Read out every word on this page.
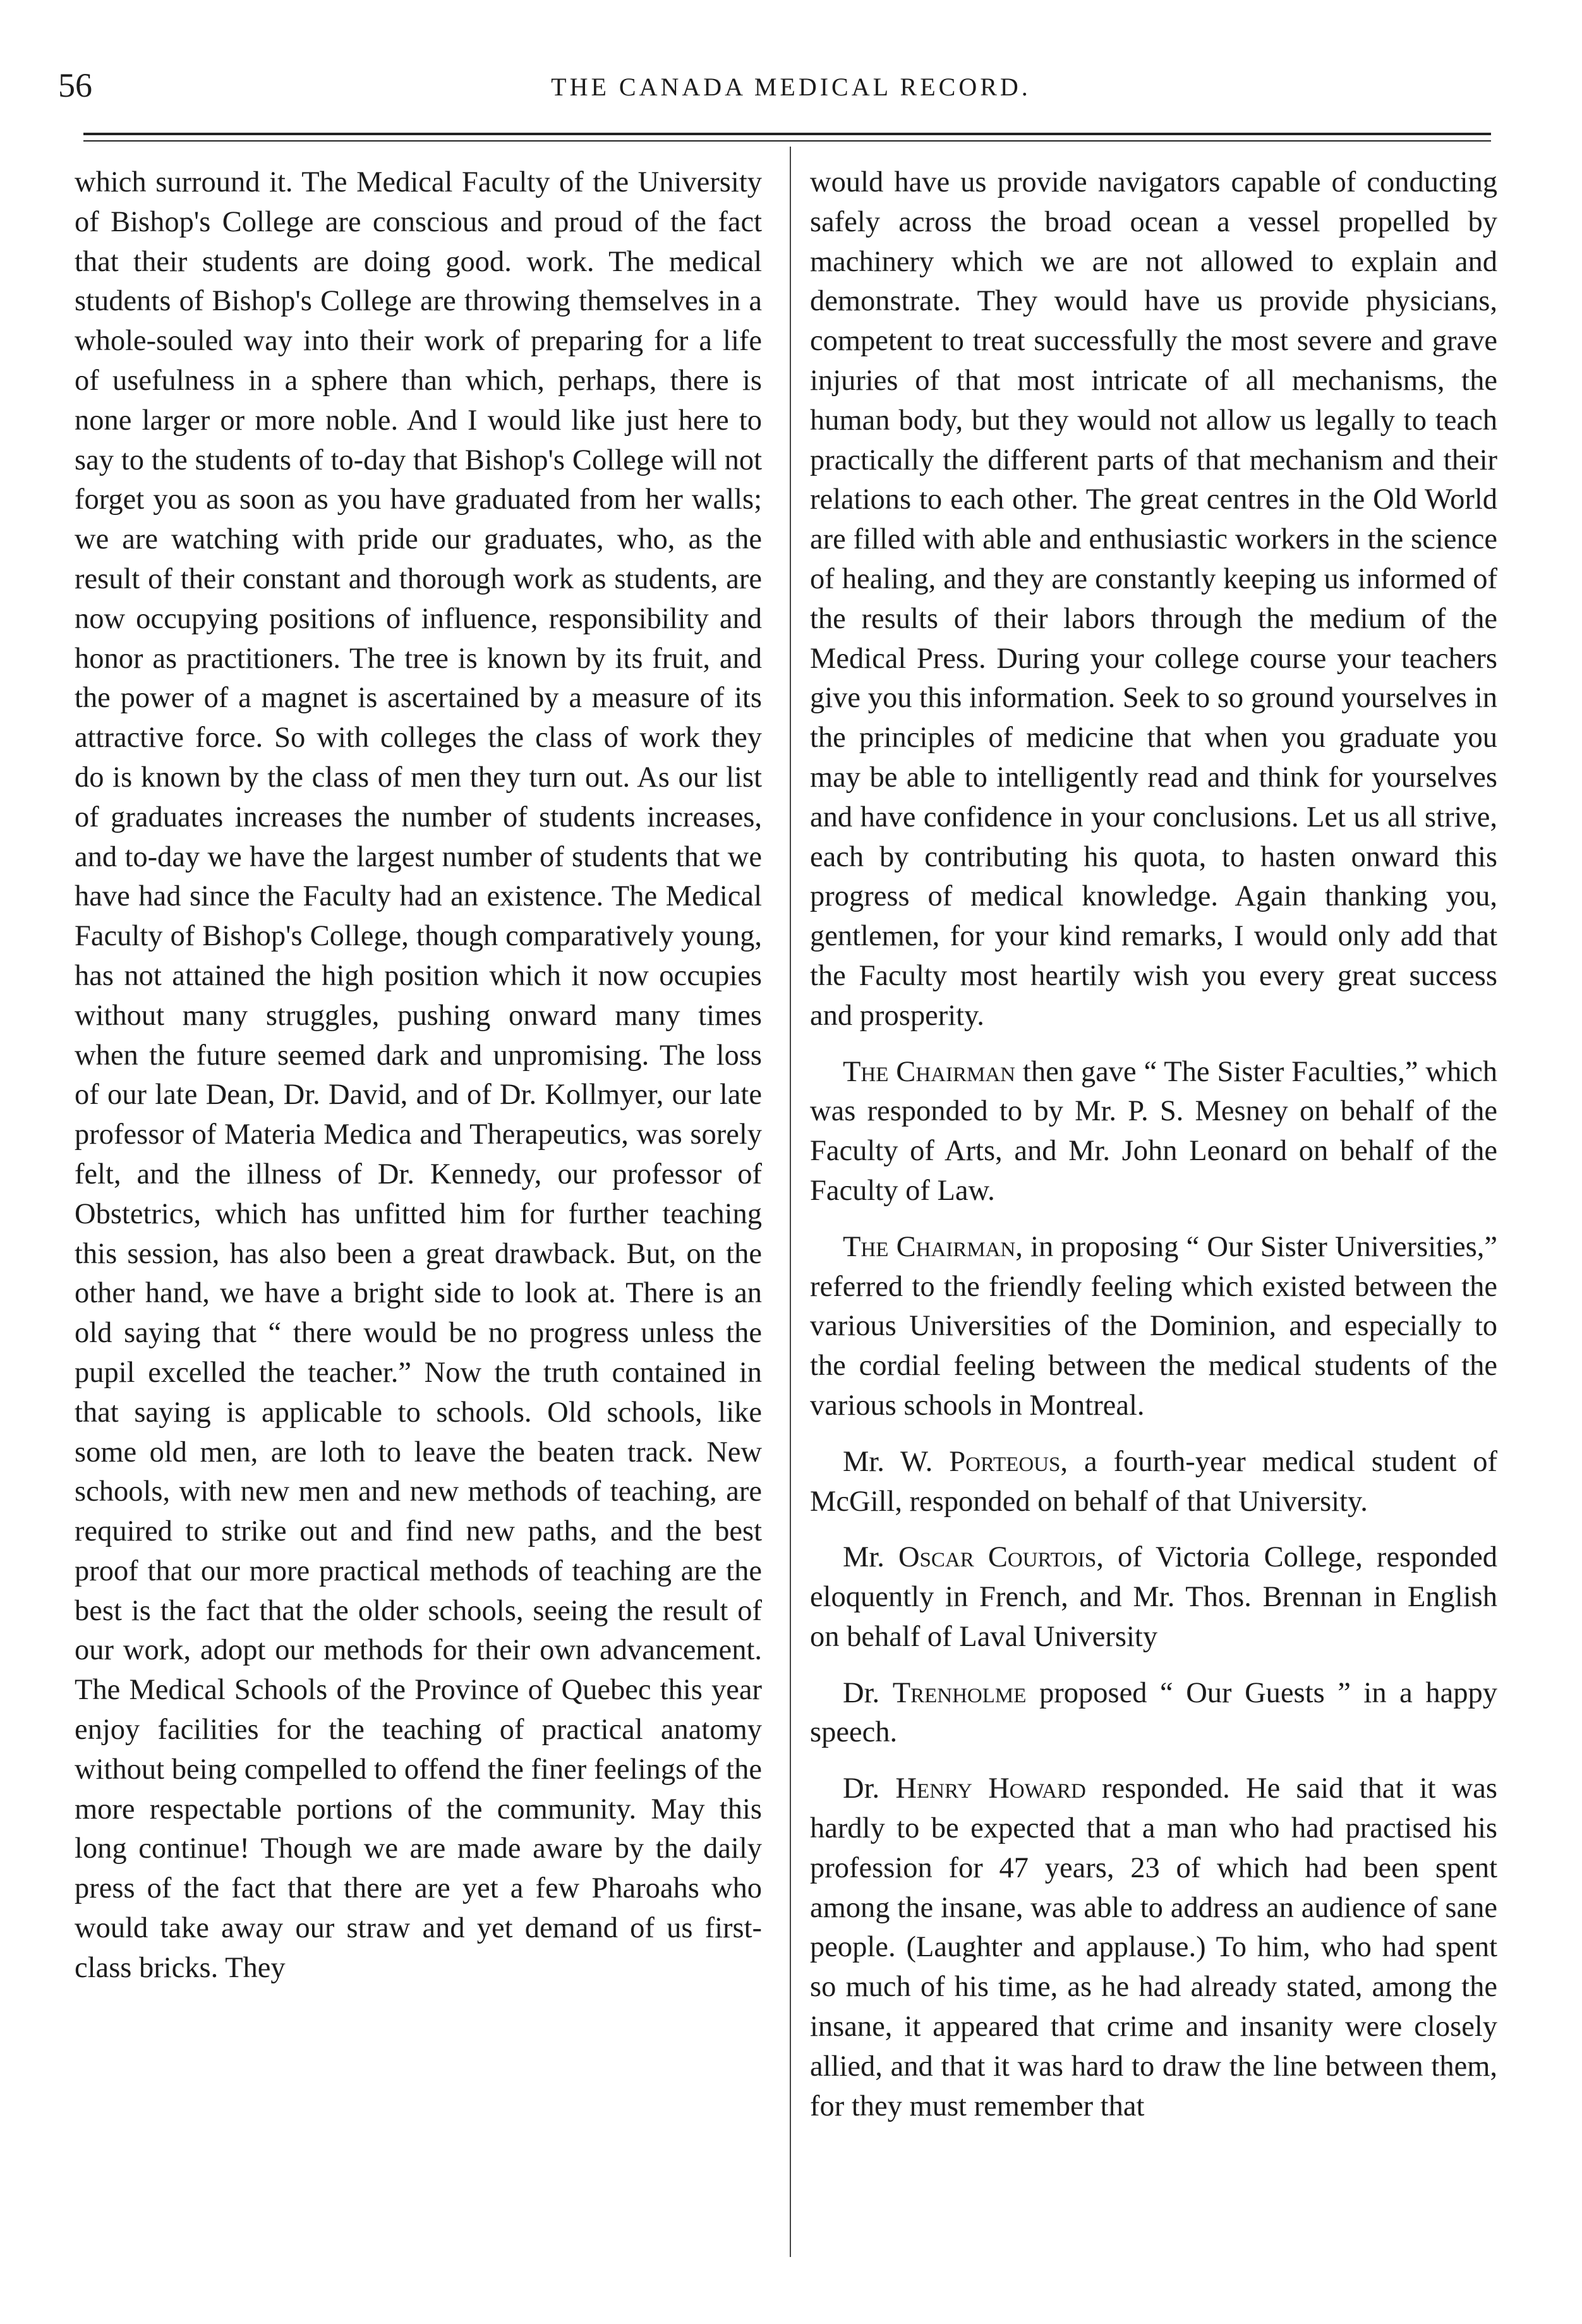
56	THE CANADA MEDICAL RECORD.

which surround it. The Medical Faculty of the University of Bishop's College are conscious and proud of the fact that their students are doing good. work. The medical students of Bishop's College are throwing themselves in a whole-souled way into their work of preparing for a life of usefulness in a sphere than which, perhaps, there is none larger or more noble. And I would like just here to say to the students of to-day that Bishop's College will not forget you as soon as you have graduated from her walls; we are watching with pride our graduates, who, as the result of their constant and thorough work as students, are now occupying positions of influence, responsibility and honor as practitioners. The tree is known by its fruit, and the power of a magnet is ascertained by a measure of its attractive force. So with colleges the class of work they do is known by the class of men they turn out. As our list of graduates increases the number of students increases, and to-day we have the largest number of students that we have had since the Faculty had an existence. The Medical Faculty of Bishop's College, though comparatively young, has not attained the high position which it now occupies without many struggles, pushing onward many times when the future seemed dark and unpromising. The loss of our late Dean, Dr. David, and of Dr. Kollmyer, our late professor of Materia Medica and Therapeutics, was sorely felt, and the illness of Dr. Kennedy, our professor of Obstetrics, which has unfitted him for further teaching this session, has also been a great drawback. But, on the other hand, we have a bright side to look at. There is an old saying that “ there would be no progress unless the pupil excelled the teacher.” Now the truth contained in that saying is applicable to schools. Old schools, like some old men, are loth to leave the beaten track. New schools, with new men and new methods of teaching, are required to strike out and find new paths, and the best proof that our more practical methods of teaching are the best is the fact that the older schools, seeing the result of our work, adopt our methods for their own advancement. The Medical Schools of the Province of Quebec this year enjoy facilities for the teaching of practical anatomy without being compelled to offend the finer feelings of the more respectable portions of the community. May this long continue! Though we are made aware by the daily press of the fact that there are yet a few Pharoahs who would take away our straw and yet demand of us first-class bricks. They

would have us provide navigators capable of conducting safely across the broad ocean a vessel propelled by machinery which we are not allowed to explain and demonstrate. They would have us provide physicians, competent to treat successfully the most severe and grave injuries of that most intricate of all mechanisms, the human body, but they would not allow us legally to teach practically the different parts of that mechanism and their relations to each other. The great centres in the Old World are filled with able and enthusiastic workers in the science of healing, and they are constantly keeping us informed of the results of their labors through the medium of the Medical Press. During your college course your teachers give you this information. Seek to so ground yourselves in the principles of medicine that when you graduate you may be able to intelligently read and think for yourselves and have confidence in your conclusions. Let us all strive, each by contributing his quota, to hasten onward this progress of medical knowledge. Again thanking you, gentlemen, for your kind remarks, I would only add that the Faculty most heartily wish you every great success and prosperity.

The Chairman then gave “ The Sister Faculties,” which was responded to by Mr. P. S. Mesney on behalf of the Faculty of Arts, and Mr. John Leonard on behalf of the Faculty of Law.

The Chairman, in proposing “ Our Sister Universities,” referred to the friendly feeling which existed between the various Universities of the Dominion, and especially to the cordial feeling between the medical students of the various schools in Montreal.

Mr. W. Porteous, a fourth-year medical student of McGill, responded on behalf of that University.

Mr. Oscar Courtois, of Victoria College, responded eloquently in French, and Mr. Thos. Brennan in English on behalf of Laval University

Dr. Trenholme proposed “ Our Guests ” in a happy speech.

Dr. Henry Howard responded. He said that it was hardly to be expected that a man who had practised his profession for 47 years, 23 of which had been spent among the insane, was able to address an audience of sane people. (Laughter and applause.) To him, who had spent so much of his time, as he had already stated, among the insane, it appeared that crime and insanity were closely allied, and that it was hard to draw the line between them, for they must remember that
